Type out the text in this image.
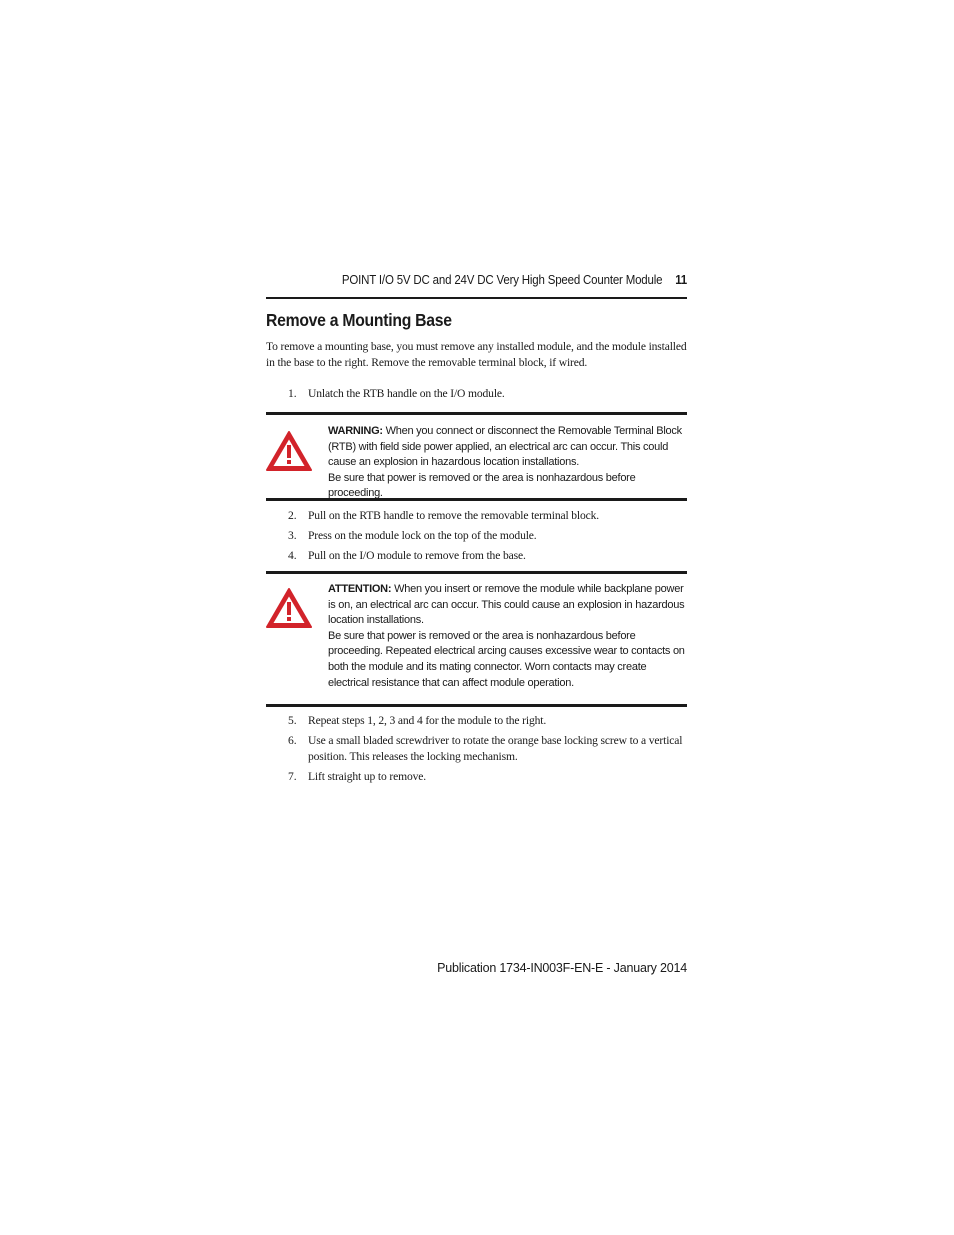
POINT I/O 5V DC and 24V DC Very High Speed Counter Module 11
Remove a Mounting Base

To remove a mounting base, you must remove any installed module, and the module installed in the base to the right. Remove the removable terminal block, if wired.

1. Unlatch the RTB handle on the I/O module.

WARNING: When you connect or disconnect the Removable Terminal Block (RTB) with field side power applied, an electrical arc can occur. This could cause an explosion in hazardous location installations.

Be sure that power is removed or the area is nonhazardous before proceeding.

2. Pull on the RTB handle to remove the removable terminal block.
3. Press on the module lock on the top of the module.
4. Pull on the I/O module to remove from the base.

ATTENTION: When you insert or remove the module while backplane power is on, an electrical arc can occur. This could cause an explosion in hazardous location installations.

Be sure that power is removed or the area is nonhazardous before proceeding. Repeated electrical arcing causes excessive wear to contacts on both the module and its mating connector. Worn contacts may create electrical resistance that can affect module operation.

5. Repeat steps 1, 2, 3 and 4 for the module to the right.
6. Use a small bladed screwdriver to rotate the orange base locking screw to a vertical position. This releases the locking mechanism.
7. Lift straight up to remove.
Publication 1734-IN003F-EN-E - January 2014
